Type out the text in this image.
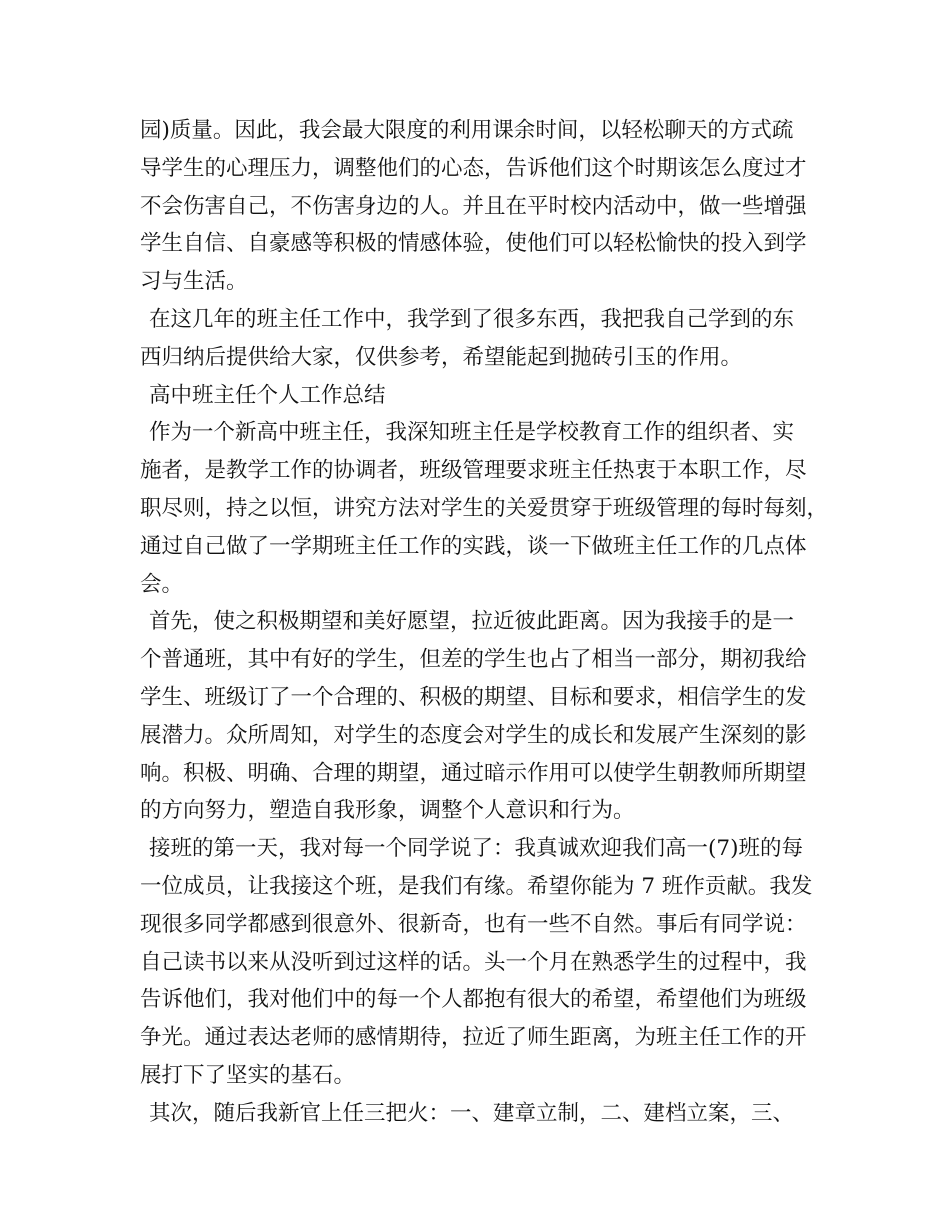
园)质量。因此，我会最大限度的利用课余时间，以轻松聊天的方式疏
导学生的心理压力，调整他们的心态，告诉他们这个时期该怎么度过才
不会伤害自己，不伤害身边的人。并且在平时校内活动中，做一些增强
学生自信、自豪感等积极的情感体验，使他们可以轻松愉快的投入到学
习与生活。
在这几年的班主任工作中，我学到了很多东西，我把我自己学到的东
西归纳后提供给大家，仅供参考，希望能起到抛砖引玉的作用。
高中班主任个人工作总结
作为一个新高中班主任，我深知班主任是学校教育工作的组织者、实
施者，是教学工作的协调者，班级管理要求班主任热衷于本职工作，尽
职尽则，持之以恒，讲究方法对学生的关爱贯穿于班级管理的每时每刻，
通过自己做了一学期班主任工作的实践，谈一下做班主任工作的几点体
会。
首先，使之积极期望和美好愿望，拉近彼此距离。因为我接手的是一
个普通班，其中有好的学生，但差的学生也占了相当一部分，期初我给
学生、班级订了一个合理的、积极的期望、目标和要求，相信学生的发
展潜力。众所周知，对学生的态度会对学生的成长和发展产生深刻的影
响。积极、明确、合理的期望，通过暗示作用可以使学生朝教师所期望
的方向努力，塑造自我形象，调整个人意识和行为。
接班的第一天，我对每一个同学说了：我真诚欢迎我们高一(7)班的每
一位成员，让我接这个班，是我们有缘。希望你能为 7 班作贡献。我发
现很多同学都感到很意外、很新奇，也有一些不自然。事后有同学说：
自己读书以来从没听到过这样的话。头一个月在熟悉学生的过程中，我
告诉他们，我对他们中的每一个人都抱有很大的希望，希望他们为班级
争光。通过表达老师的感情期待，拉近了师生距离，为班主任工作的开
展打下了坚实的基石。
其次，随后我新官上任三把火：一、建章立制，二、建档立案，三、
